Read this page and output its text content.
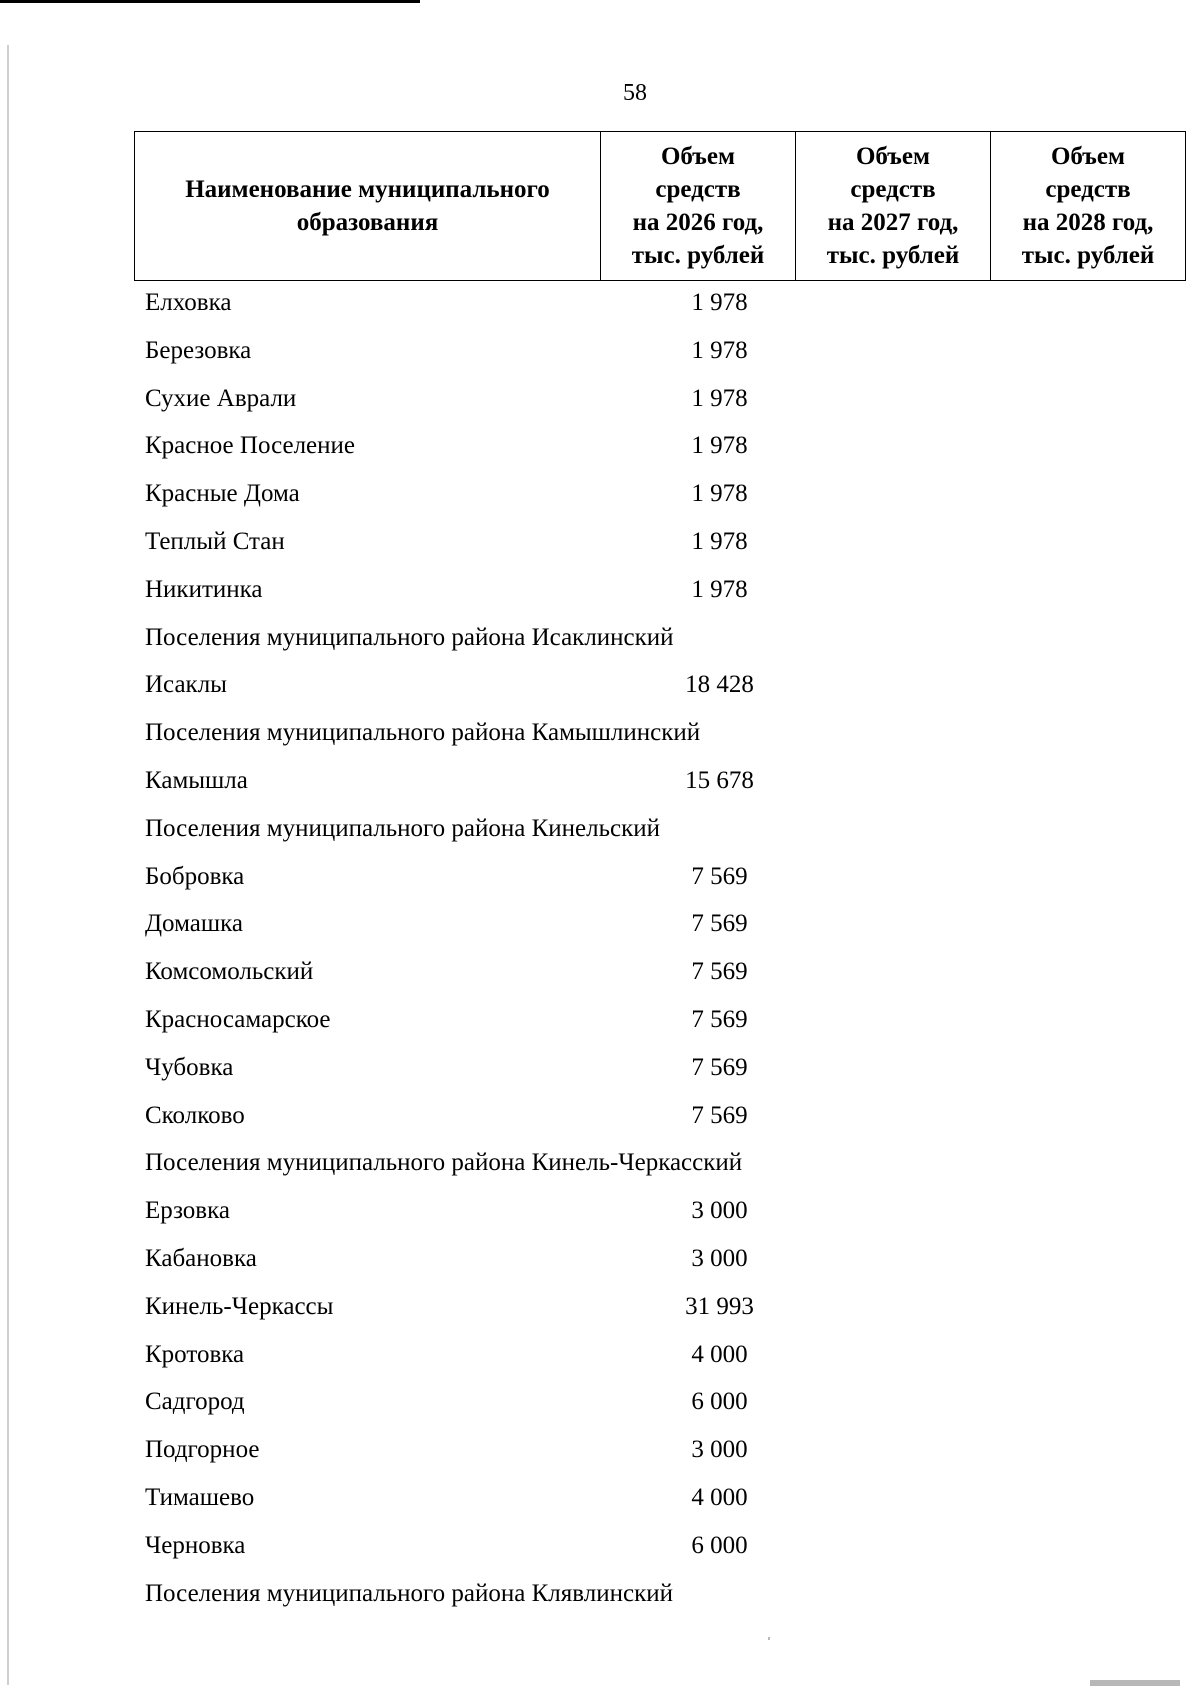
58
Наименование муниципального образования	Объем
средств
на 2026 год,
тыс. рублей	Объем
средств
на 2027 год,
тыс. рублей	Объем
средств
на 2028 год,
тыс. рублей
Елховка	1 978
Березовка	1 978
Сухие Аврали	1 978
Красное Поселение	1 978
Красные Дома	1 978
Теплый Стан	1 978
Никитинка	1 978
Поселения муниципального района Исаклинский
Исаклы	18 428
Поселения муниципального района Камышлинский
Камышла	15 678
Поселения муниципального района Кинельский
Бобровка	7 569
Домашка	7 569
Комсомольский	7 569
Красносамарское	7 569
Чубовка	7 569
Сколково	7 569
Поселения муниципального района Кинель-Черкасский
Ерзовка	3 000
Кабановка	3 000
Кинель-Черкассы	31 993
Кротовка	4 000
Садгород	6 000
Подгорное	3 000
Тимашево	4 000
Черновка	6 000
Поселения муниципального района Клявлинский
